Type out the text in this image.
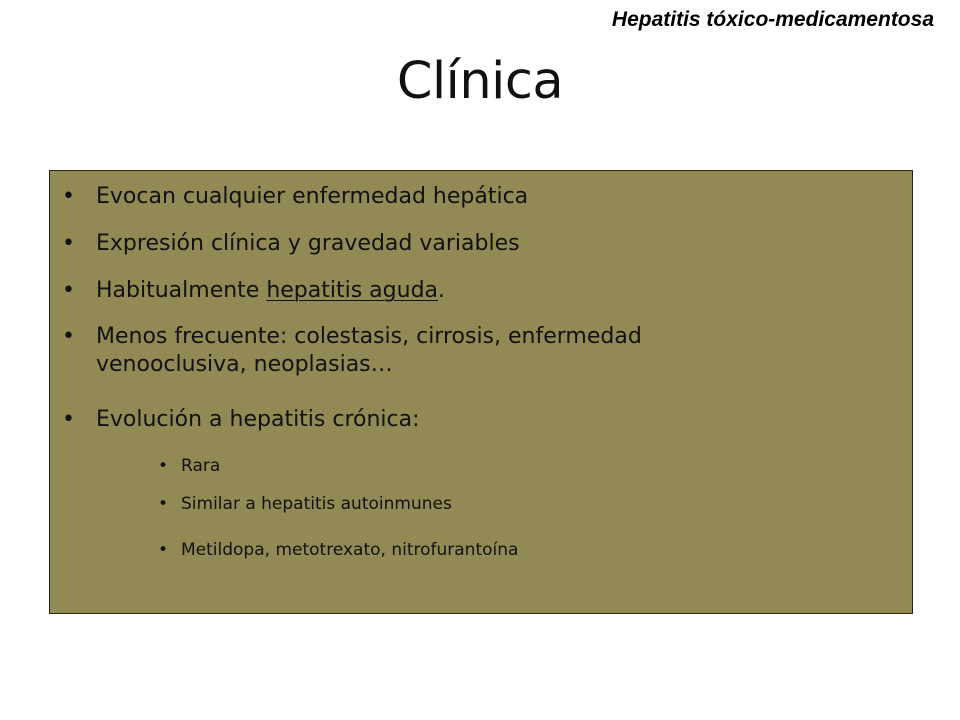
Hepatitis tóxico-medicamentosa
Clínica
• Evocan cualquier enfermedad hepática
• Expresión clínica y gravedad variables
• Habitualmente hepatitis aguda.
• Menos frecuente: colestasis, cirrosis, enfermedad
venooclusiva, neoplasias…
• Evolución a hepatitis crónica:
• Rara
• Similar a hepatitis autoinmunes
• Metildopa, metotrexato, nitrofurantoína
